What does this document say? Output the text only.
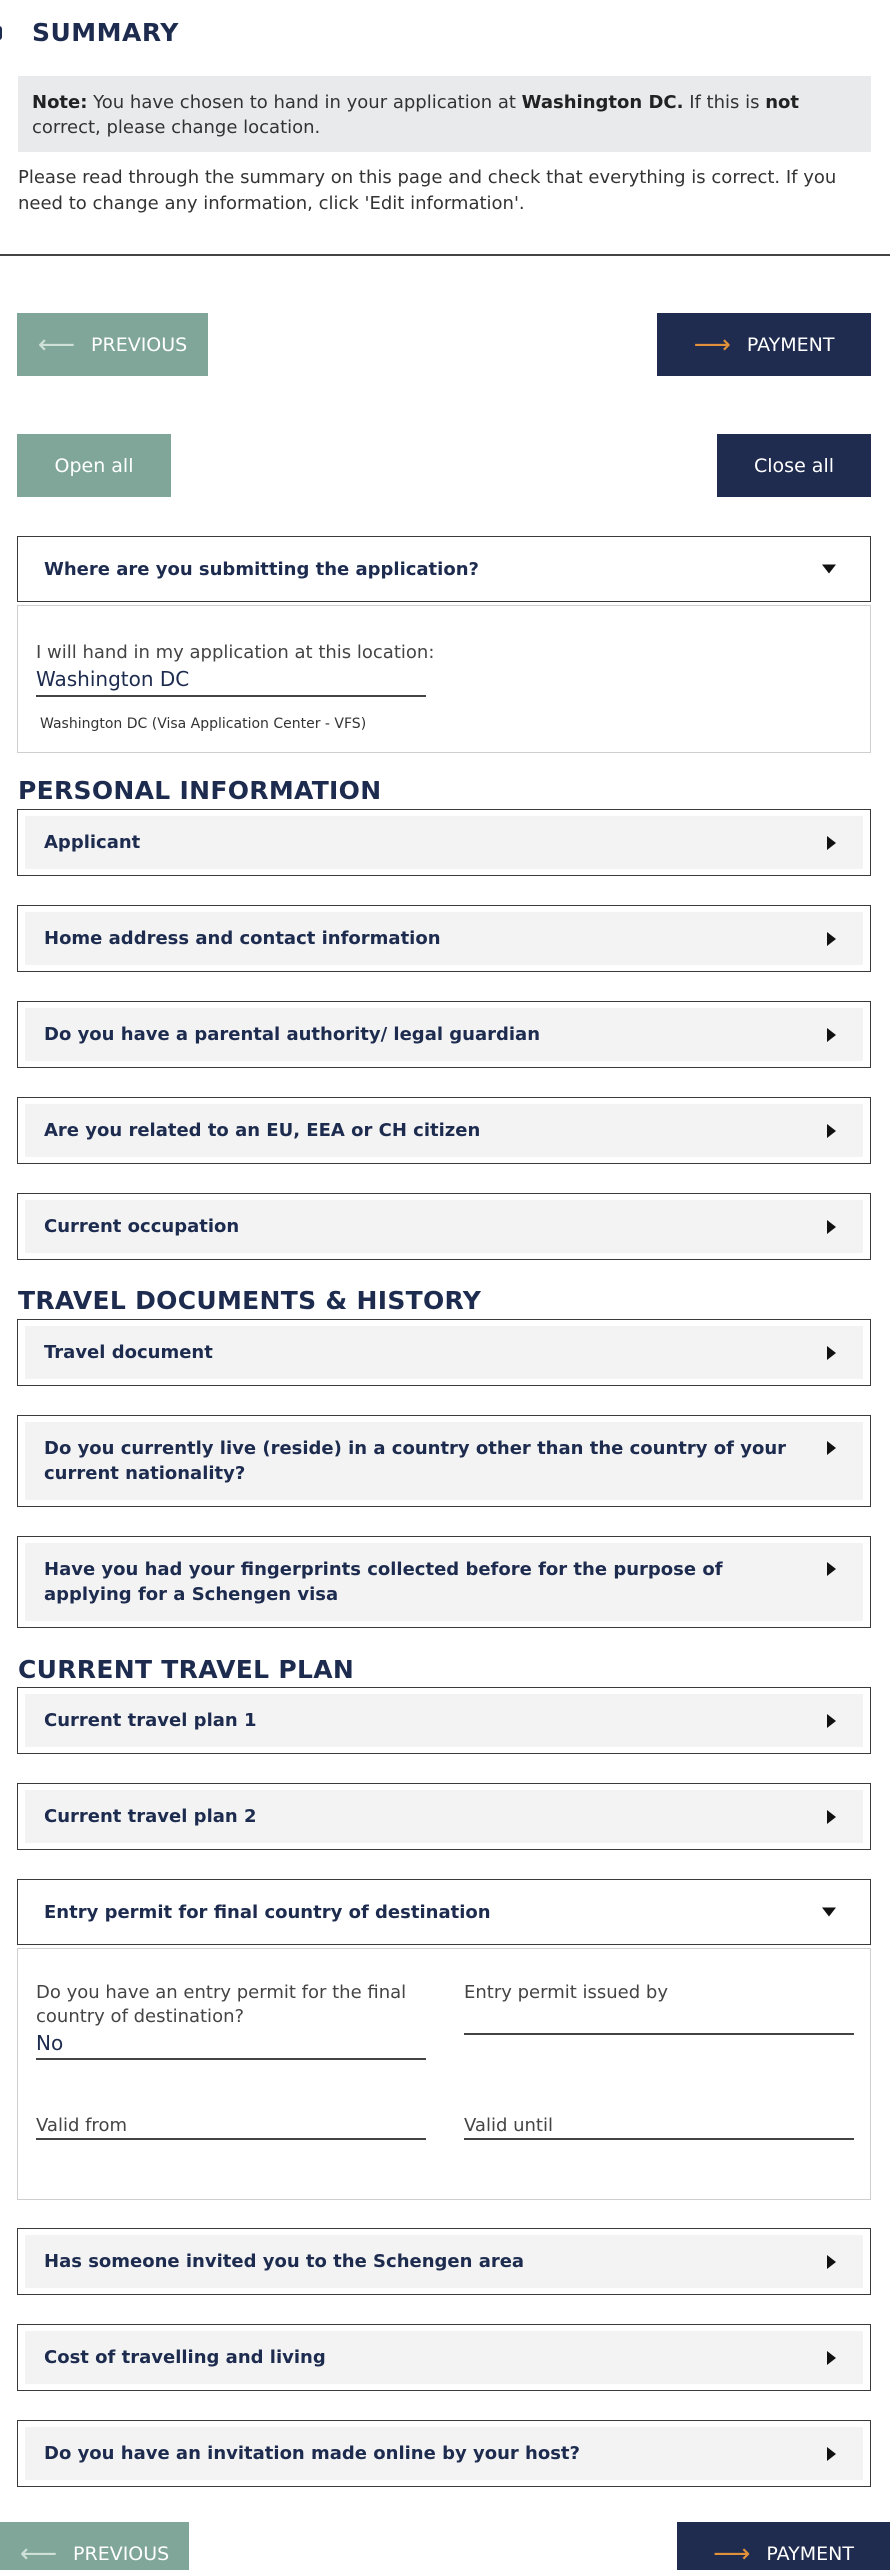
SUMMARY
Note: You have chosen to hand in your application at Washington DC. If this is not correct, please change location.
Please read through the summary on this page and check that everything is correct. If you need to change any information, click 'Edit information'.
⟵ PREVIOUS	⟶ PAYMENT
Open all	Close all
Where are you submitting the application?
I will hand in my application at this location:
Washington DC
Washington DC (Visa Application Center - VFS)
PERSONAL INFORMATION
Applicant
Home address and contact information
Do you have a parental authority/ legal guardian
Are you related to an EU, EEA or CH citizen
Current occupation
TRAVEL DOCUMENTS & HISTORY
Travel document
Do you currently live (reside) in a country other than the country of your current nationality?
Have you had your fingerprints collected before for the purpose of applying for a Schengen visa
CURRENT TRAVEL PLAN
Current travel plan 1
Current travel plan 2
Entry permit for final country of destination
Do you have an entry permit for the final country of destination?
No
Entry permit issued by
Valid from	Valid until
Has someone invited you to the Schengen area
Cost of travelling and living
Do you have an invitation made online by your host?
⟵ PREVIOUS	⟶ PAYMENT
